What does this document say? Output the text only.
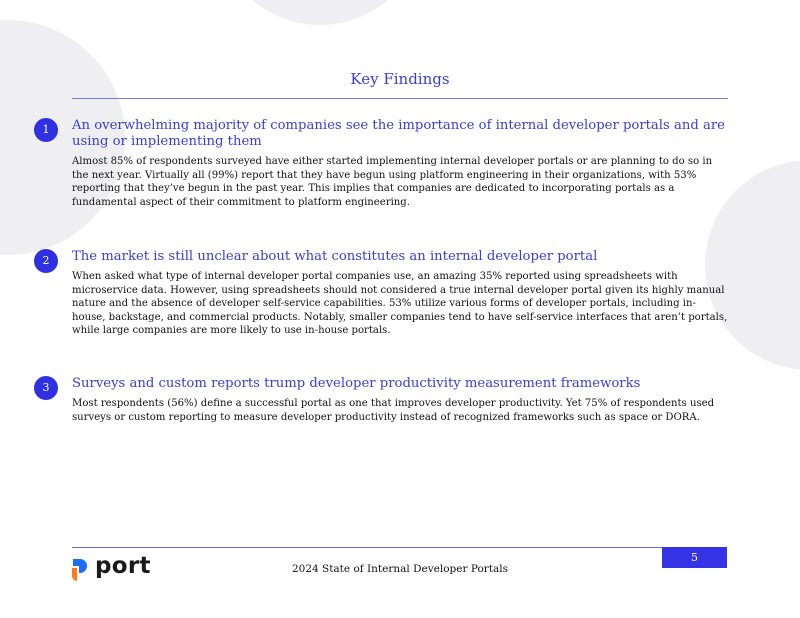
Key Findings
1	An overwhelming majority of companies see the importance of internal developer portals and are using or implementing them

Almost 85% of respondents surveyed have either started implementing internal developer portals or are planning to do so in the next year. Virtually all (99%) report that they have begun using platform engineering in their organizations, with 53% reporting that they’ve begun in the past year. This implies that companies are dedicated to incorporating portals as a fundamental aspect of their commitment to platform engineering.

2	The market is still unclear about what constitutes an internal developer portal

When asked what type of internal developer portal companies use, an amazing 35% reported using spreadsheets with microservice data. However, using spreadsheets should not considered a true internal developer portal given its highly manual nature and the absence of developer self-service capabilities. 53% utilize various forms of developer portals, including in-house, backstage, and commercial products. Notably, smaller companies tend to have self-service interfaces that aren’t portals, while large companies are more likely to use in-house portals.

3	Surveys and custom reports trump developer productivity measurement frameworks

Most respondents (56%) define a successful portal as one that improves developer productivity. Yet 75% of respondents used surveys or custom reporting to measure developer productivity instead of recognized frameworks such as space or DORA.

5
port	2024 State of Internal Developer Portals
